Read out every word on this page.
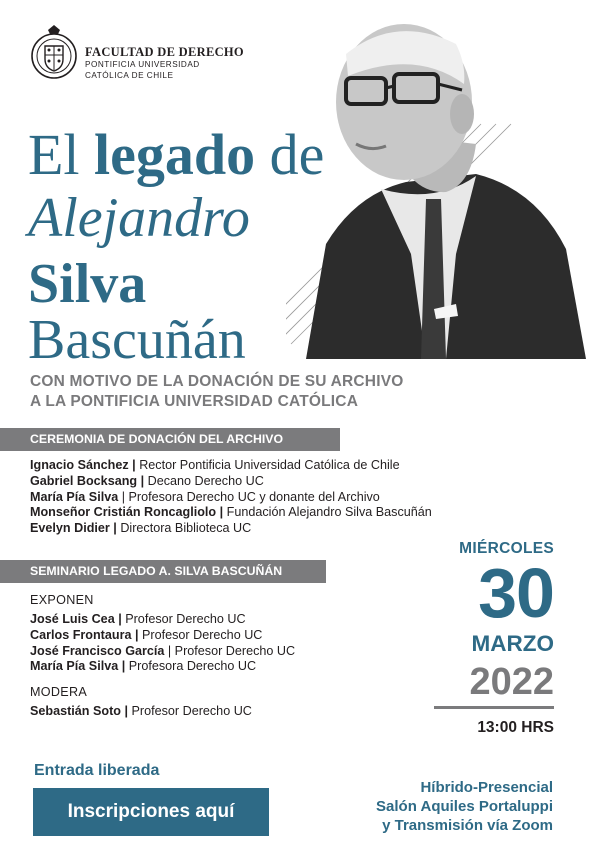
FACULTAD DE DERECHO
PONTIFICIA UNIVERSIDAD
CATÓLICA DE CHILE
El legado de
Alejandro
Silva
Bascuñán
CON MOTIVO DE LA DONACIÓN DE SU ARCHIVO
A LA PONTIFICIA UNIVERSIDAD CATÓLICA
CEREMONIA DE DONACIÓN DEL ARCHIVO
Ignacio Sánchez | Rector Pontificia Universidad Católica de Chile
Gabriel Bocksang | Decano Derecho UC
María Pía Silva | Profesora Derecho UC y donante del Archivo
Monseñor Cristián Roncagliolo | Fundación Alejandro Silva Bascuñán
Evelyn Didier | Directora Biblioteca UC
SEMINARIO LEGADO A. SILVA BASCUÑÁN
EXPONEN
José Luis Cea | Profesor Derecho UC
Carlos Frontaura | Profesor Derecho UC
José Francisco García | Profesor Derecho UC
María Pía Silva | Profesora Derecho UC
MODERA
Sebastián Soto | Profesor Derecho UC
MIÉRCOLES
30
MARZO
2022
13:00 HRS
Entrada liberada
Inscripciones aquí
Híbrido-Presencial
Salón Aquiles Portaluppi
y Transmisión vía Zoom
